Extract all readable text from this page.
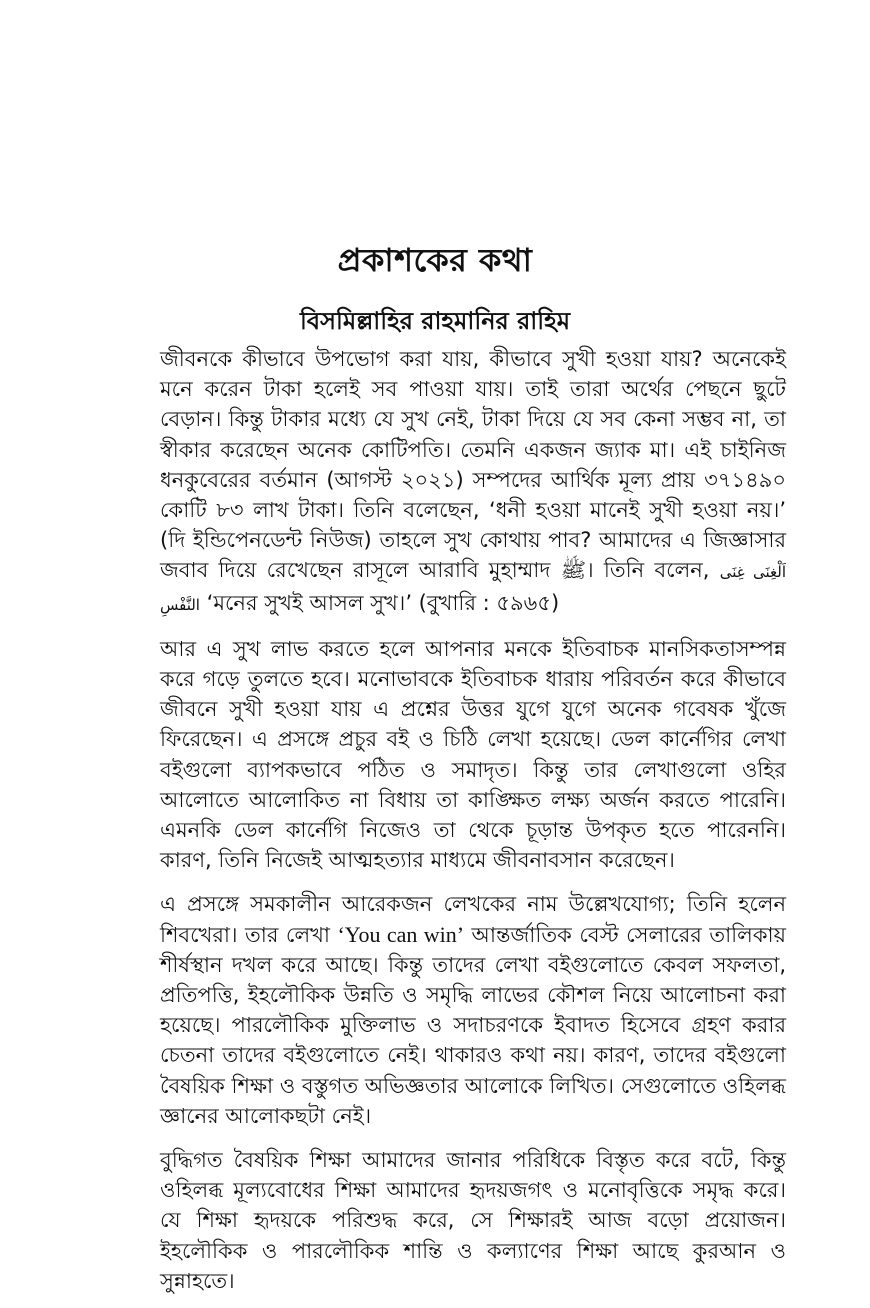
প্রকাশকের কথা
বিসমিল্লাহির রাহমানির রাহিম

জীবনকে কীভাবে উপভোগ করা যায়, কীভাবে সুখী হওয়া যায়? অনেকেই মনে করেন টাকা হলেই সব পাওয়া যায়। তাই তারা অর্থের পেছনে ছুটে বেড়ান। কিন্তু টাকার মধ্যে যে সুখ নেই, টাকা দিয়ে যে সব কেনা সম্ভব না, তা স্বীকার করেছেন অনেক কোটিপতি। তেমনি একজন জ্যাক মা। এই চাইনিজ ধনকুবেরের বর্তমান (আগস্ট ২০২১) সম্পদের আর্থিক মূল্য প্রায় ৩৭১৪৯০ কোটি ৮৩ লাখ টাকা। তিনি বলেছেন, ‘ধনী হওয়া মানেই সুখী হওয়া নয়।’ (দি ইন্ডিপেনডেন্ট নিউজ) তাহলে সুখ কোথায় পাব? আমাদের এ জিজ্ঞাসার জবাব দিয়ে রেখেছেন রাসূলে আরাবি মুহাম্মাদ ﷺ। তিনি বলেন, اَلْغِنَى غِنَى النَّفْسِ ‘মনের সুখই আসল সুখ।’ (বুখারি : ৫৯৬৫)

আর এ সুখ লাভ করতে হলে আপনার মনকে ইতিবাচক মানসিকতাসম্পন্ন করে গড়ে তুলতে হবে। মনোভাবকে ইতিবাচক ধারায় পরিবর্তন করে কীভাবে জীবনে সুখী হওয়া যায় এ প্রশ্নের উত্তর যুগে যুগে অনেক গবেষক খুঁজে ফিরেছেন। এ প্রসঙ্গে প্রচুর বই ও চিঠি লেখা হয়েছে। ডেল কার্নেগির লেখা বইগুলো ব্যাপকভাবে পঠিত ও সমাদৃত। কিন্তু তার লেখাগুলো ওহির আলোতে আলোকিত না বিধায় তা কাঙ্ক্ষিত লক্ষ্য অর্জন করতে পারেনি। এমনকি ডেল কার্নেগি নিজেও তা থেকে চূড়ান্ত উপকৃত হতে পারেননি। কারণ, তিনি নিজেই আত্মহত্যার মাধ্যমে জীবনাবসান করেছেন।

এ প্রসঙ্গে সমকালীন আরেকজন লেখকের নাম উল্লেখযোগ্য; তিনি হলেন শিবখেরা। তার লেখা ‘You can win’ আন্তর্জাতিক বেস্ট সেলারের তালিকায় শীর্ষস্থান দখল করে আছে। কিন্তু তাদের লেখা বইগুলোতে কেবল সফলতা, প্রতিপত্তি, ইহলৌকিক উন্নতি ও সমৃদ্ধি লাভের কৌশল নিয়ে আলোচনা করা হয়েছে। পারলৌকিক মুক্তিলাভ ও সদাচরণকে ইবাদত হিসেবে গ্রহণ করার চেতনা তাদের বইগুলোতে নেই। থাকারও কথা নয়। কারণ, তাদের বইগুলো বৈষয়িক শিক্ষা ও বস্তুগত অভিজ্ঞতার আলোকে লিখিত। সেগুলোতে ওহিলব্ধ জ্ঞানের আলোকছটা নেই।

বুদ্ধিগত বৈষয়িক শিক্ষা আমাদের জানার পরিধিকে বিস্তৃত করে বটে, কিন্তু ওহিলব্ধ মূল্যবোধের শিক্ষা আমাদের হৃদয়জগৎ ও মনোবৃত্তিকে সমৃদ্ধ করে। যে শিক্ষা হৃদয়কে পরিশুদ্ধ করে, সে শিক্ষারই আজ বড়ো প্রয়োজন। ইহলৌকিক ও পারলৌকিক শান্তি ও কল্যাণের শিক্ষা আছে কুরআন ও সুন্নাহতে।
